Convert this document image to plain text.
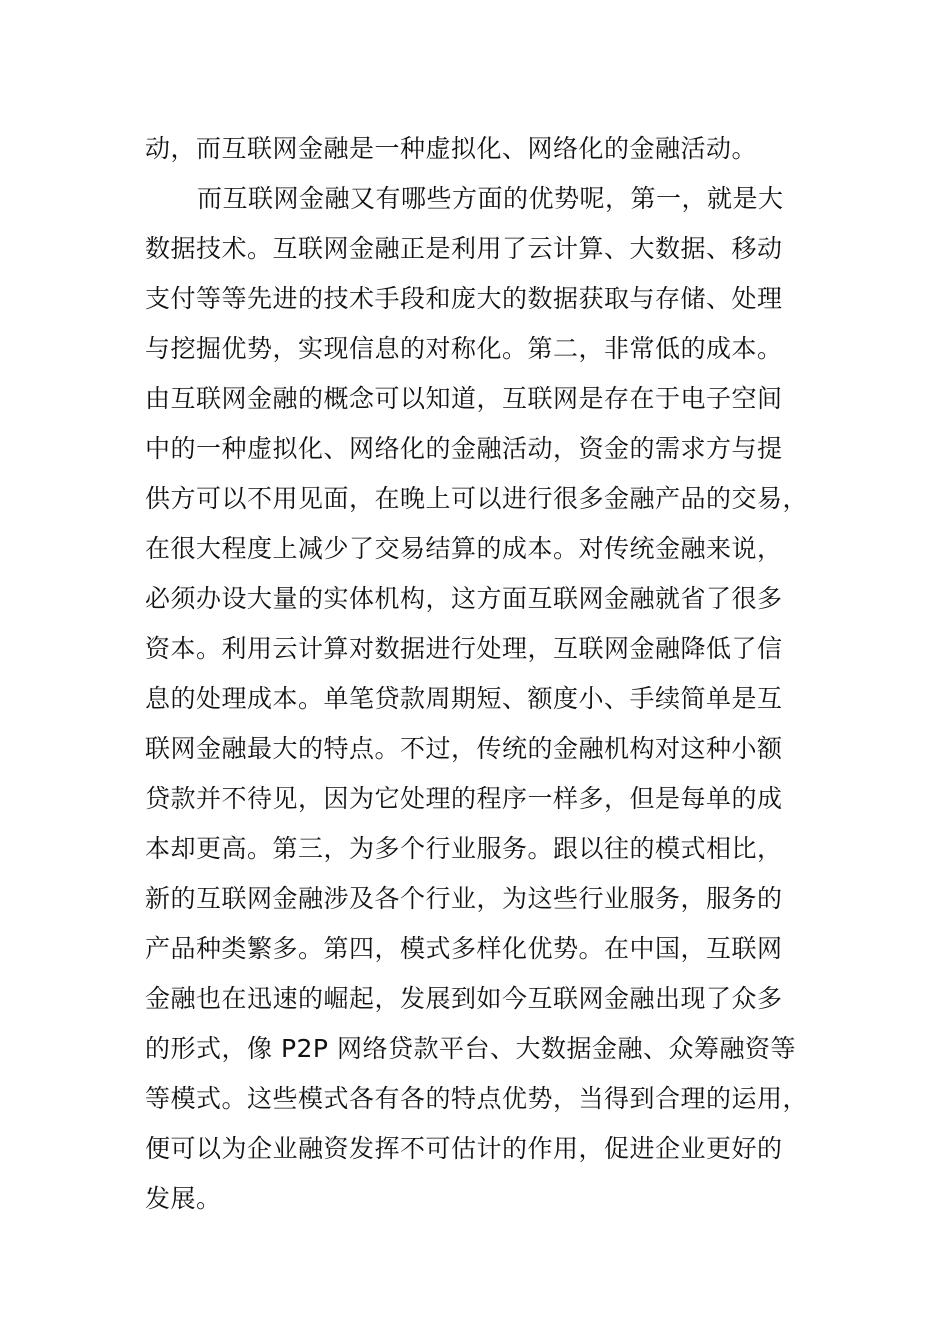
动，而互联网金融是一种虚拟化、网络化的金融活动。
而互联网金融又有哪些方面的优势呢，第一，就是大
数据技术。互联网金融正是利用了云计算、大数据、移动
支付等等先进的技术手段和庞大的数据获取与存储、处理
与挖掘优势，实现信息的对称化。第二，非常低的成本。
由互联网金融的概念可以知道，互联网是存在于电子空间
中的一种虚拟化、网络化的金融活动，资金的需求方与提
供方可以不用见面，在晚上可以进行很多金融产品的交易，
在很大程度上减少了交易结算的成本。对传统金融来说，
必须办设大量的实体机构，这方面互联网金融就省了很多
资本。利用云计算对数据进行处理，互联网金融降低了信
息的处理成本。单笔贷款周期短、额度小、手续简单是互
联网金融最大的特点。不过，传统的金融机构对这种小额
贷款并不待见，因为它处理的程序一样多，但是每单的成
本却更高。第三，为多个行业服务。跟以往的模式相比，
新的互联网金融涉及各个行业，为这些行业服务，服务的
产品种类繁多。第四，模式多样化优势。在中国，互联网
金融也在迅速的崛起，发展到如今互联网金融出现了众多
的形式，像 P2P 网络贷款平台、大数据金融、众筹融资等
等模式。这些模式各有各的特点优势，当得到合理的运用，
便可以为企业融资发挥不可估计的作用，促进企业更好的
发展。
